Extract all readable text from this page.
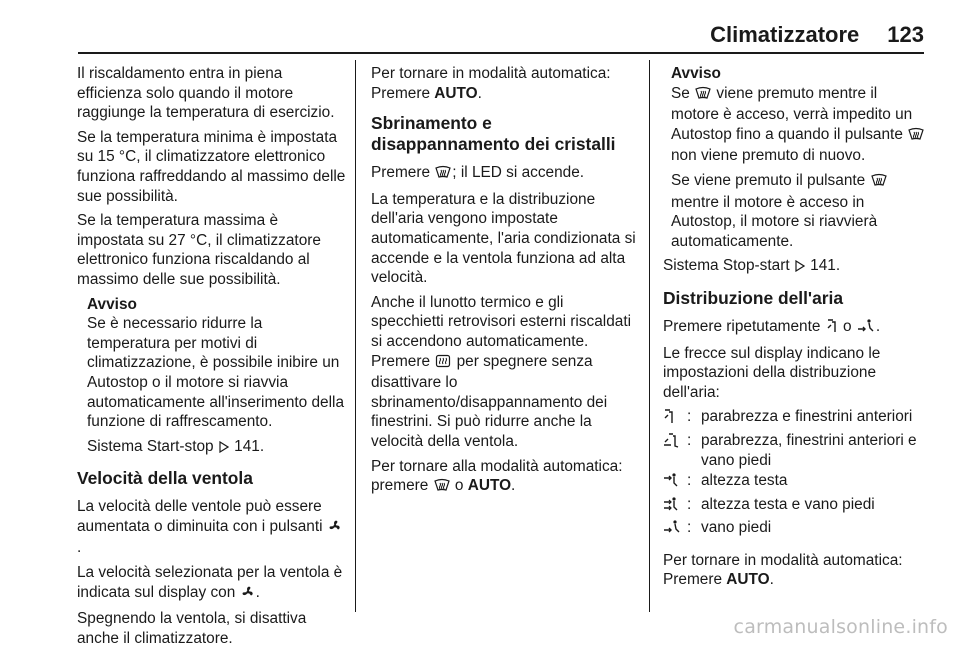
Climatizzatore 123

Il riscaldamento entra in piena efficienza solo quando il motore raggiunge la temperatura di esercizio.

Se la temperatura minima è impostata su 15 °C, il climatizzatore elettronico funziona raffreddando al massimo delle sue possibilità.

Se la temperatura massima è impostata su 27 °C, il climatizzatore elettronico funziona riscaldando al massimo delle sue possibilità.

Avviso

Se è necessario ridurre la temperatura per motivi di climatizzazione, è possibile inibire un Autostop o il motore si riavvia automaticamente all'inserimento della funzione di raffrescamento.

Sistema Start-stop 141.

Velocità della ventola

La velocità delle ventole può essere aumentata o diminuita con i pulsanti .

La velocità selezionata per la ventola è indicata sul display con .

Spegnendo la ventola, si disattiva anche il climatizzatore.

Per tornare in modalità automatica: Premere AUTO.

Sbrinamento e disappannamento dei cristalli

Premere ; il LED si accende.

La temperatura e la distribuzione dell'aria vengono impostate automaticamente, l'aria condizionata si accende e la ventola funziona ad alta velocità.

Anche il lunotto termico e gli specchietti retrovisori esterni riscaldati si accendono automaticamente.

Premere per spegnere senza disattivare lo sbrinamento/disappannamento dei finestrini. Si può ridurre anche la velocità della ventola.

Per tornare alla modalità automatica: premere o AUTO.

Avviso

Se viene premuto mentre il motore è acceso, verrà impedito un Autostop fino a quando il pulsante  non viene premuto di nuovo.

Se viene premuto il pulsante  mentre il motore è acceso in Autostop, il motore si riavvierà automaticamente.

Sistema Stop-start 141.

Distribuzione dell'aria

Premere ripetutamente o .

Le frecce sul display indicano le impostazioni della distribuzione dell'aria:

: parabrezza e finestrini anteriori
: parabrezza, finestrini anteriori e vano piedi
: altezza testa
: altezza testa e vano piedi
: vano piedi

Per tornare in modalità automatica: Premere AUTO.

carmanualsonline.info
